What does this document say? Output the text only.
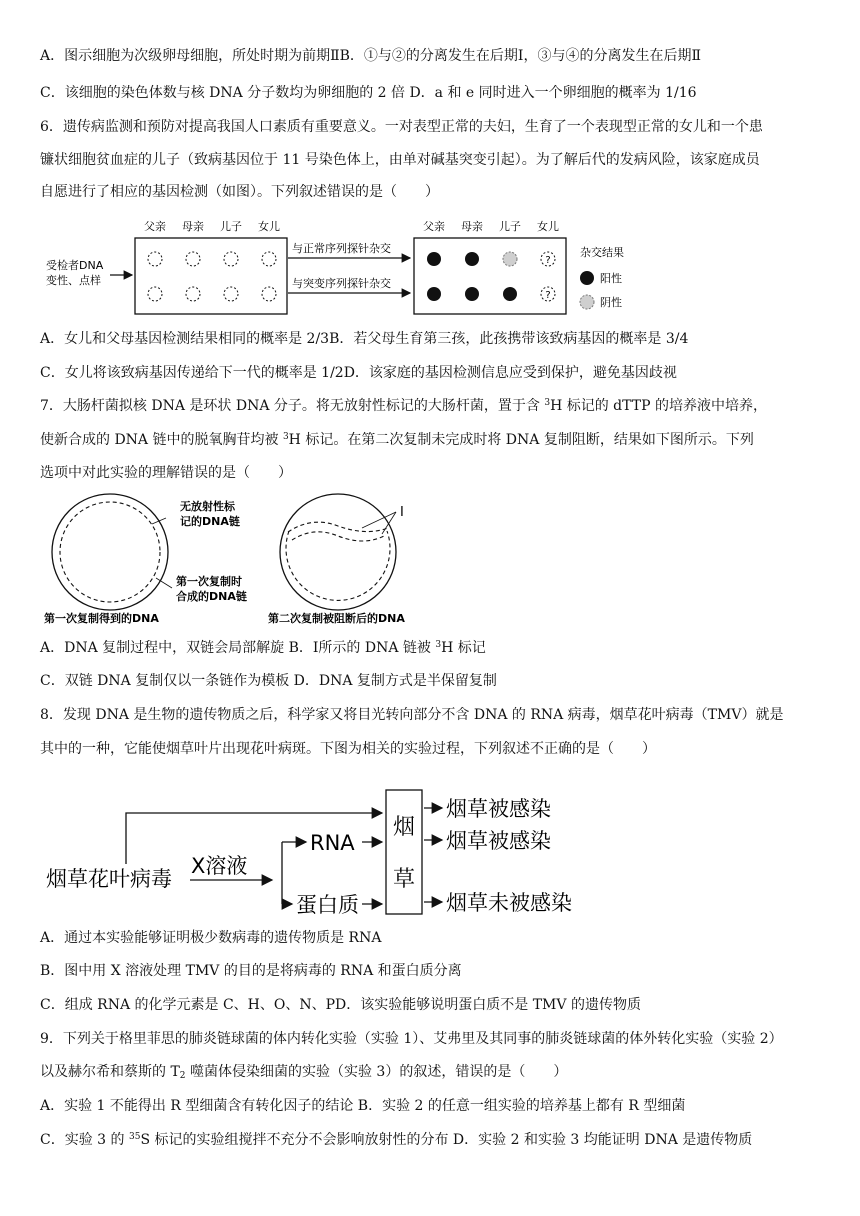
A．图示细胞为次级卵母细胞，所处时期为前期ⅡB．①与②的分离发生在后期Ⅰ，③与④的分离发生在后期Ⅱ
C．该细胞的染色体数与核 DNA 分子数均为卵细胞的 2 倍 D．a 和 e 同时进入一个卵细胞的概率为 1/16
6．遗传病监测和预防对提高我国人口素质有重要意义。一对表型正常的夫妇，生育了一个表现型正常的女儿和一个患
镰状细胞贫血症的儿子（致病基因位于 11 号染色体上，由单对碱基突变引起）。为了解后代的发病风险，该家庭成员
自愿进行了相应的基因检测（如图）。下列叙述错误的是（　　）
受检者DNA
变性、点样
父亲 母亲 儿子 女儿
与正常序列探针杂交
与突变序列探针杂交
父亲 母亲 儿子 女儿
?
?
杂交结果
阳性
阴性
A．女儿和父母基因检测结果相同的概率是 2/3B．若父母生育第三孩，此孩携带该致病基因的概率是 3/4
C．女儿将该致病基因传递给下一代的概率是 1/2D．该家庭的基因检测信息应受到保护，避免基因歧视
7．大肠杆菌拟核 DNA 是环状 DNA 分子。将无放射性标记的大肠杆菌，置于含 $^3$H 标记的 dTTP 的培养液中培养，
使新合成的 DNA 链中的脱氧胸苷均被 $^3$H 标记。在第二次复制未完成时将 DNA 复制阻断，结果如下图所示。下列
选项中对此实验的理解错误的是（　　）
无放射性标
记的DNA链
第一次复制时
合成的DNA链
Ⅰ
第一次复制得到的DNA	第二次复制被阻断后的DNA
A．DNA 复制过程中，双链会局部解旋 B．Ⅰ所示的 DNA 链被 $^3$H 标记
C．双链 DNA 复制仅以一条链作为模板 D．DNA 复制方式是半保留复制
8．发现 DNA 是生物的遗传物质之后，科学家又将目光转向部分不含 DNA 的 RNA 病毒，烟草花叶病毒（TMV）就是
其中的一种，它能使烟草叶片出现花叶病斑。下图为相关的实验过程，下列叙述不正确的是（　　）
烟草花叶病毒
X溶液
RNA
蛋白质
烟
草
烟草被感染
烟草被感染
烟草未被感染
A．通过本实验能够证明极少数病毒的遗传物质是 RNA
B．图中用 X 溶液处理 TMV 的目的是将病毒的 RNA 和蛋白质分离
C．组成 RNA 的化学元素是 C、H、O、N、PD．该实验能够说明蛋白质不是 TMV 的遗传物质
9．下列关于格里菲思的肺炎链球菌的体内转化实验（实验 1）、艾弗里及其同事的肺炎链球菌的体外转化实验（实验 2）
以及赫尔希和蔡斯的 $T_2$ 噬菌体侵染细菌的实验（实验 3）的叙述，错误的是（　　）
A．实验 1 不能得出 R 型细菌含有转化因子的结论 B．实验 2 的任意一组实验的培养基上都有 R 型细菌
C．实验 3 的 $^{35}$S 标记的实验组搅拌不充分不会影响放射性的分布 D．实验 2 和实验 3 均能证明 DNA 是遗传物质
